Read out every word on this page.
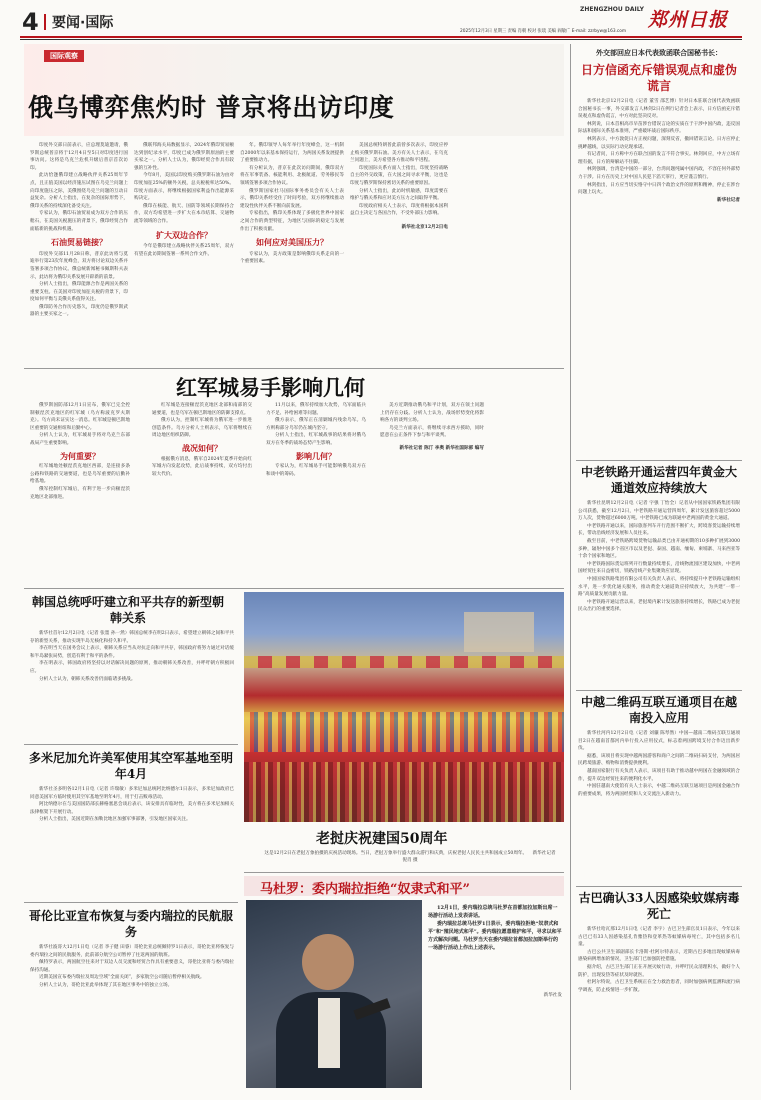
4 要闻·国际
ZHENGZHOU DAILY 郑州日报
2025年12月3日 星期三 责编 肖朝 校对 张琰 美编 阎敏广 E-mail: zzrbyw@163.com
国际观察
俄乌博弈焦灼时 普京将出访印度

印度外交部日前表示，应总理莫迪邀请，俄罗斯总统普京将于12月4日至5日对印度进行国事访问。这将是乌克兰危机升级后普京首次访印。

此访恰逢俄印建立战略伙伴关系25周年节点，且正值美国以经济施压试图在乌克兰问题上向印度施压之际，美俄围绕乌克兰问题的互动日益复杂。分析人士指出，在复杂的国际形势下，俄印关系的持续深化备受关注。

专家认为，俄印石油贸易成为双方合作的压舱石，在美国关税施压的背景下，俄印经贸合作面临新的挑战和机遇。

石油贸易链接？

印度外交部11月28日称，普京此访将与莫迪举行第23次年度峰会，双方将讨论双边关系并签署多项合作协议。俄总统新闻秘书佩斯科夫表示，此访将为俄印关系发展开辟新的前景。

分析人士指出，俄印能源合作是两国关系的重要支柱。在美国对印度加征关税的背景下，印度如何平衡与美俄关系值得关注。

俄印防务合作历史悠久，印度仍是俄罗斯武器的主要买家之一。

俄联邦海关局数据显示，2024年俄印贸易额达到创纪录水平，印度已成为俄罗斯原油的主要买家之一。分析人士认为，俄印经贸合作具有较强的互补性。

今年8月，美国以印度购买俄罗斯石油为由对印度加征25%的额外关税，总关税税率达50%。印度方面表示，将继续根据国家利益作出能源采购决定。

俄印在核能、航天、国防等领域长期保持合作，双方均希望进一步扩大在本币结算、交通物流等领域的合作。

扩大双边合作？

今年是俄印建立战略伙伴关系25周年，双方有望在此访期间签署一系列合作文件。

年。俄印领导人每年举行年度峰会，这一机制自2000年以来基本保持运行，为两国关系发展提供了重要推动力。

有分析认为，普京在此次访问期间，俄印双方将在军事装备、核能利用、北极航道、劳务移民等领域签署多项合作协议。

俄罗斯国家杜马国际事务委员会有关人士表示，俄印关系经受住了时间考验，双方将继续推动建设性伙伴关系不断向前发展。

专家指出，俄印关系体现了多极化世界中国家之间合作的典型特征，为地区与国际的稳定与发展作出了积极贡献。

如何应对美国压力？

专家认为，美方政策是影响俄印关系走向的一个重要因素。

美国总统特朗普此前曾多次表示，印度应停止购买俄罗斯石油。美方有关人士表示，在乌克兰问题上，美方希望各方推动和平进程。

印度国际关系方面人士指出，印度坚持战略自主的外交政策，在大国之间寻求平衡，这也是印度与俄罗斯保持密切关系的重要原因。

分析人士指出，此访时机敏感，印度需要在维护与俄关系和应对美方压力之间取得平衡。

印度政府相关人士表示，印度将根据本国利益自主决定与各国合作，不受外部压力影响。

新华社北京12月2日电
红军城易手影响几何

俄罗斯国防部12月1日宣布，俄军已完全控制顿涅茨克地区的红军城（乌方称波克罗夫斯克）。乌方尚未证实这一消息。红军城是顿巴斯地区重要的交通枢纽和后勤中心。

分析人士认为，红军城易手将对乌克兰东部战局产生重要影响。

为何重要？

红军城地处顿涅茨克地区西部，是连接多条公路和铁路的交通要道，也是乌军重要的后勤补给基地。

俄军控制红军城后，有利于进一步向顿涅茨克地区北部推进。

红军城是连接顿涅茨克地区北部和南部的交通要道，也是乌军在顿巴斯地区的防御支撑点。

俄方认为，控制红军城将为俄军进一步推进创造条件。乌方分析人士则表示，乌军将继续在周边地区组织防御。

战况如何？

根据俄方消息，俄军自2024年夏季开始向红军城方向发起攻势，此后战事持续，双方均付出较大代价。

11月以来，俄军持续加大攻势，乌军面临兵力不足、补给困难等问题。

俄方表示，俄军正在清剿城内残余乌军。乌方则称部分乌军仍在城内坚守。

分析人士指出，红军城战事的结果将对俄乌双方在冬季的战场态势产生影响。

影响几何？

专家认为，红军城易手可能影响俄乌双方在和谈中的筹码。

美方近期推动俄乌和平计划，双方在领土问题上仍存在分歧。分析人士认为，战场形势变化将影响各方的谈判立场。

乌克兰方面表示，将继续寻求西方援助，同时愿意在公正条件下参与和平谈判。

新华社记者 陈汀 李奥 新华社国际部 编写
韩国总统呼吁建立和平共存的新型朝韩关系

新华社首尔12月2日电（记者 张墨 孙一然）韩国总统李在明2日表示，希望建立朝韩之间和平共存的新型关系，推动实现半岛无核化和持久和平。

李在明当天在国务会议上表示，朝韩关系应当从对抗走向和平共存，韩国政府将努力通过对话缓和半岛紧张局势，创造有利于和平的条件。

李在明表示，韩国政府将坚持以对话解决问题的原则，推动朝韩关系改善，并呼吁朝方积极回应。

分析人士认为，朝韩关系改善仍面临诸多挑战。

多米尼加允许美军使用其空军基地至明年4月

新华社圣多明各12月1日电（记者 许瑞敏）多米尼加总统阿比纳德尔1日表示，多米尼加政府已同意美国军方临时使用其空军基地至明年4月，用于打击贩毒活动。

阿比纳德尔在与美国国防部长赫格塞思会谈后表示，该安排具有临时性，美方将在多米尼加相关法律框架下开展行动。

分析人士指出，美国近期在加勒比地区加强军事部署，引发地区国家关注。

哥伦比亚宣布恢复与委内瑞拉的民航服务

新华社波哥大12月1日电（记者 李子健 田睿）哥伦比亚总统佩特罗1日表示，哥伦比亚将恢复与委内瑞拉之间的民航服务，此前部分航空公司暂停了往返两国的航班。

佩特罗表示，两国航空往来对于双边人员交流和经贸合作具有重要意义，哥伦比亚将与委内瑞拉保持沟通。

近期美国宣布委内瑞拉及周边空域“全面关闭”，多家航空公司随后暂停相关航线。

分析人士认为，哥伦比亚此举体现了其在地区事务中的独立立场。

老挝庆祝建国50周年
这是12月2日在老挝万象拍摄的庆祝活动现场。当日，老挝万象举行盛大群众游行和庆典，庆祝老挝人民民主共和国成立50周年。 新华社记者 倪肖 摄
马杜罗：委内瑞拉拒绝“奴隶式和平”
12月1日，委内瑞拉总统马杜罗在首都加拉加斯出席一场游行活动上发表讲话。
委内瑞拉总统马杜罗1日表示，委内瑞拉拒绝“奴隶式和平”和“殖民地式和平”。委内瑞拉愿意维护和平，寻求以和平方式解决问题。马杜罗当天在委内瑞拉首都加拉加斯举行的一场游行活动上作出上述表示。
新华社发
外交部回应日本代表致函联合国秘书长：
日方信函充斥错误观点和虚伪谎言

新华社北京12月2日电（记者 董雪 邵艺博）针对日本驻联合国代表致函联合国秘书长一事，外交部发言人林剑2日在例行记者会上表示，日方信函充斥错误观点和虚伪谎言，中方对此坚决反对。

林剑说，日本首相高市早苗涉台错误言论的实质在于干涉中国内政，违反国际法和国际关系基本准则，严重破坏战后国际秩序。

林剑表示，中方敦促日方正视问题，深刻反省，撤回错误言论。日方应停止挑衅越线，以实际行动兑现承诺。

有记者问，日方称中方在联合国的发言不符合事实。林剑回应，中方立场有理有据，日方的辩解站不住脚。

林剑强调，台湾是中国的一部分，台湾问题纯属中国内政，不容任何外部势力干涉。日方在历史上对中国人民犯下滔天罪行，更应谨言慎行。

林剑指出，日方应当切实恪守中日四个政治文件的原则和精神，停止在涉台问题上玩火。

新华社记者
中老铁路开通运营四年黄金大通道效应持续放大

新华社昆明12月2日电（记者 字强 丁怡全）记者从中国国家铁路集团有限公司获悉，截至12月2日，中老铁路开通运营四周年，累计发送旅客超过5000万人次，货物超过6000万吨。中老铁路已成为联通中老两国的黄金大通道。

中老铁路开通以来，国际旅客列车开行范围不断扩大，跨境客货运输持续增长，带动沿线经济发展和人员往来。

截至目前，中老铁路跨境货物运输品类已由开通初期的10多种扩展到3000多种，辐射中国多个省区市以及老挝、泰国、越南、缅甸、柬埔寨、马来西亚等十余个国家和地区。

中老铁路国际货运班列开行数量持续增长，沿线物流园区建设加快，中老两国经贸往来日益密切，铁路沿线产业集聚效应显现。

中国国家铁路集团有限公司有关负责人表示，将持续提升中老铁路运输组织水平，进一步优化通关服务，推动黄金大通道效应持续放大，为共建“一带一路”高质量发展贡献力量。

中老铁路开通运营以来，老挝境内累计发送旅客持续增长，铁路已成为老挝民众出行的重要选择。

中越二维码互联互通项目在越南投入应用

新华社河内12月2日电（记者 刘骧 陈琴然）中国—越南二维码互联互通项目2日在越南首都河内举行投入应用仪式，标志着两国跨境支付合作迈出新步伐。

据悉，该项目将实现中越两国游客和商户之间的二维码扫码支付，为两国居民跨境旅游、购物和消费提供便利。

越南国家银行有关负责人表示，该项目有助于推动越中两国在金融领域的合作，提升双边经贸往来的便利化水平。

中国驻越南大使馆有关人士表示，中越二维码互联互通项目是两国金融合作的重要成果，将为两国经贸和人文交流注入新动力。

古巴确认33人因感染蚊媒病毒死亡

新华社哈瓦那12月1日电（记者 李宇）古巴卫生部官员1日表示，今年以来古巴已有33人因感染基孔肯雅热和登革热等蚊媒病毒死亡，其中包括多名儿童。

古巴公共卫生部副部长卡洛斯·杜阿尔特表示，近期古巴多地出现蚊媒病毒感染病例增加的情况，卫生部门已加强防控措施。

据介绍，古巴卫生部门正在开展灭蚊行动，并呼吁民众清理积水，做好个人防护，出现发热等症状及时就医。

杜阿尔特说，古巴卫生系统正在全力救治患者，同时加强病例监测和流行病学调查，防止疫情进一步扩散。
